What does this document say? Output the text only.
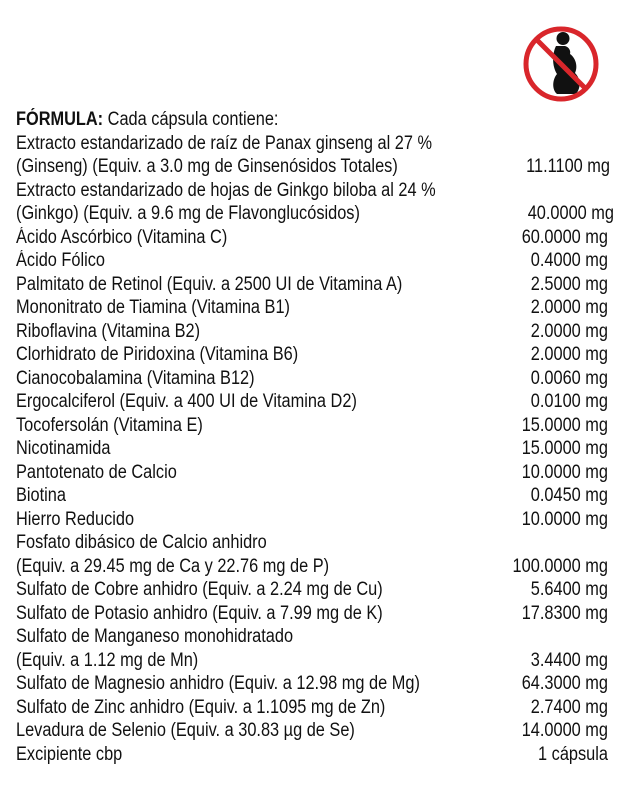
FÓRMULA: Cada cápsula contiene:
Extracto estandarizado de raíz de Panax ginseng al 27 %
(Ginseng) (Equiv. a 3.0 mg de Ginsenósidos Totales)	11.1100 mg
Extracto estandarizado de hojas de Ginkgo biloba al 24 %
(Ginkgo) (Equiv. a 9.6 mg de Flavonglucósidos)	40.0000 mg
Ácido Ascórbico (Vitamina C)	60.0000 mg
Ácido Fólico	0.4000 mg
Palmitato de Retinol (Equiv. a 2500 UI de Vitamina A)	2.5000 mg
Mononitrato de Tiamina (Vitamina B1)	2.0000 mg
Riboflavina (Vitamina B2)	2.0000 mg
Clorhidrato de Piridoxina (Vitamina B6)	2.0000 mg
Cianocobalamina (Vitamina B12)	0.0060 mg
Ergocalciferol (Equiv. a 400 UI de Vitamina D2)	0.0100 mg
Tocofersolán (Vitamina E)	15.0000 mg
Nicotinamida	15.0000 mg
Pantotenato de Calcio	10.0000 mg
Biotina	0.0450 mg
Hierro Reducido	10.0000 mg
Fosfato dibásico de Calcio anhidro
(Equiv. a 29.45 mg de Ca y 22.76 mg de P)	100.0000 mg
Sulfato de Cobre anhidro (Equiv. a 2.24 mg de Cu)	5.6400 mg
Sulfato de Potasio anhidro (Equiv. a 7.99 mg de K)	17.8300 mg
Sulfato de Manganeso monohidratado
(Equiv. a 1.12 mg de Mn)	3.4400 mg
Sulfato de Magnesio anhidro (Equiv. a 12.98 mg de Mg)	64.3000 mg
Sulfato de Zinc anhidro (Equiv. a 1.1095 mg de Zn)	2.7400 mg
Levadura de Selenio (Equiv. a 30.83 µg de Se)	14.0000 mg
Excipiente cbp	1 cápsula
